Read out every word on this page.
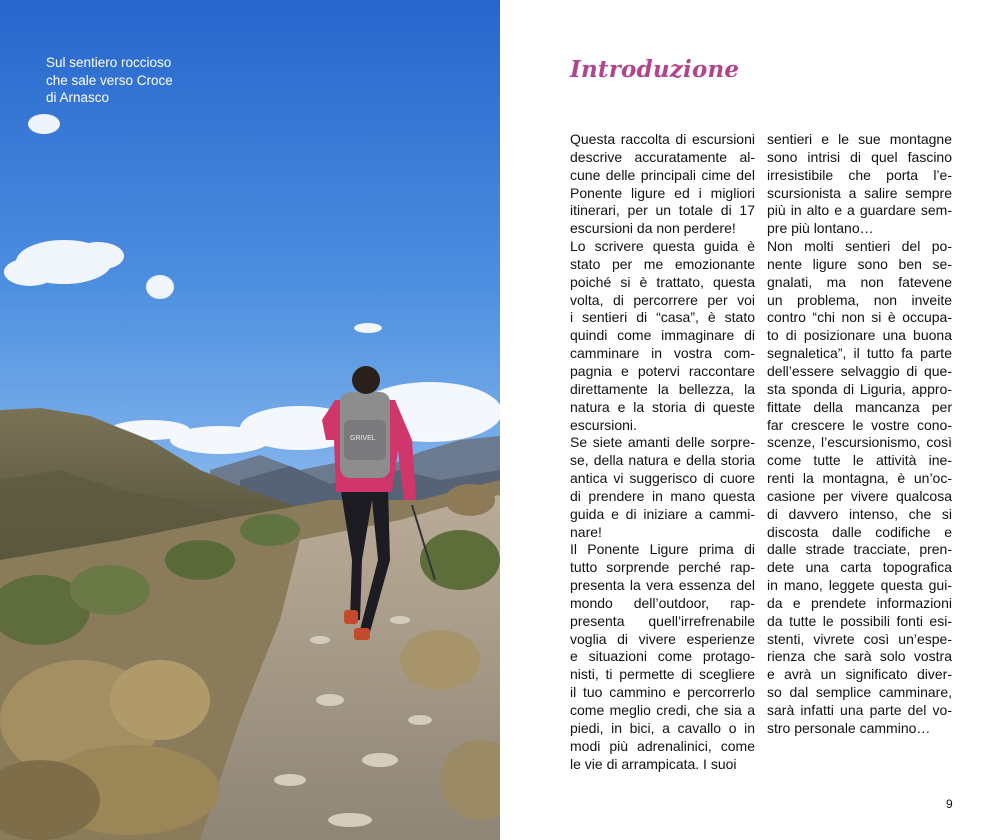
GRIVEL
Sul sentiero roccioso
che sale verso Croce
di Arnasco
Introduzione
Questa raccolta di escursioni
descrive accuratamente al-
cune delle principali cime del
Ponente ligure ed i migliori
itinerari, per un totale di 17
escursioni da non perdere!
Lo scrivere questa guida è
stato per me emozionante
poiché si è trattato, questa
volta, di percorrere per voi
i sentieri di “casa”, è stato
quindi come immaginare di
camminare in vostra com-
pagnia e potervi raccontare
direttamente la bellezza, la
natura e la storia di queste
escursioni.
Se siete amanti delle sorpre-
se, della natura e della storia
antica vi suggerisco di cuore
di prendere in mano questa
guida e di iniziare a cammi-
nare!
Il Ponente Ligure prima di
tutto sorprende perché rap-
presenta la vera essenza del
mondo dell’outdoor, rap-
presenta quell’irrefrenabile
voglia di vivere esperienze
e situazioni come protago-
nisti, ti permette di scegliere
il tuo cammino e percorrerlo
come meglio credi, che sia a
piedi, in bici, a cavallo o in
modi più adrenalinici, come
le vie di arrampicata. I suoi
sentieri e le sue montagne
sono intrisi di quel fascino
irresistibile che porta l’e-
scursionista a salire sempre
più in alto e a guardare sem-
pre più lontano…
Non molti sentieri del po-
nente ligure sono ben se-
gnalati, ma non fatevene
un problema, non inveite
contro “chi non si è occupa-
to di posizionare una buona
segnaletica”, il tutto fa parte
dell’essere selvaggio di que-
sta sponda di Liguria, appro-
fittate della mancanza per
far crescere le vostre cono-
scenze, l’escursionismo, così
come tutte le attività ine-
renti la montagna, è un’oc-
casione per vivere qualcosa
di davvero intenso, che si
discosta dalle codifiche e
dalle strade tracciate, pren-
dete una carta topografica
in mano, leggete questa gui-
da e prendete informazioni
da tutte le possibili fonti esi-
stenti, vivrete così un’espe-
rienza che sarà solo vostra
e avrà un significato diver-
so dal semplice camminare,
sarà infatti una parte del vo-
stro personale cammino…
9
